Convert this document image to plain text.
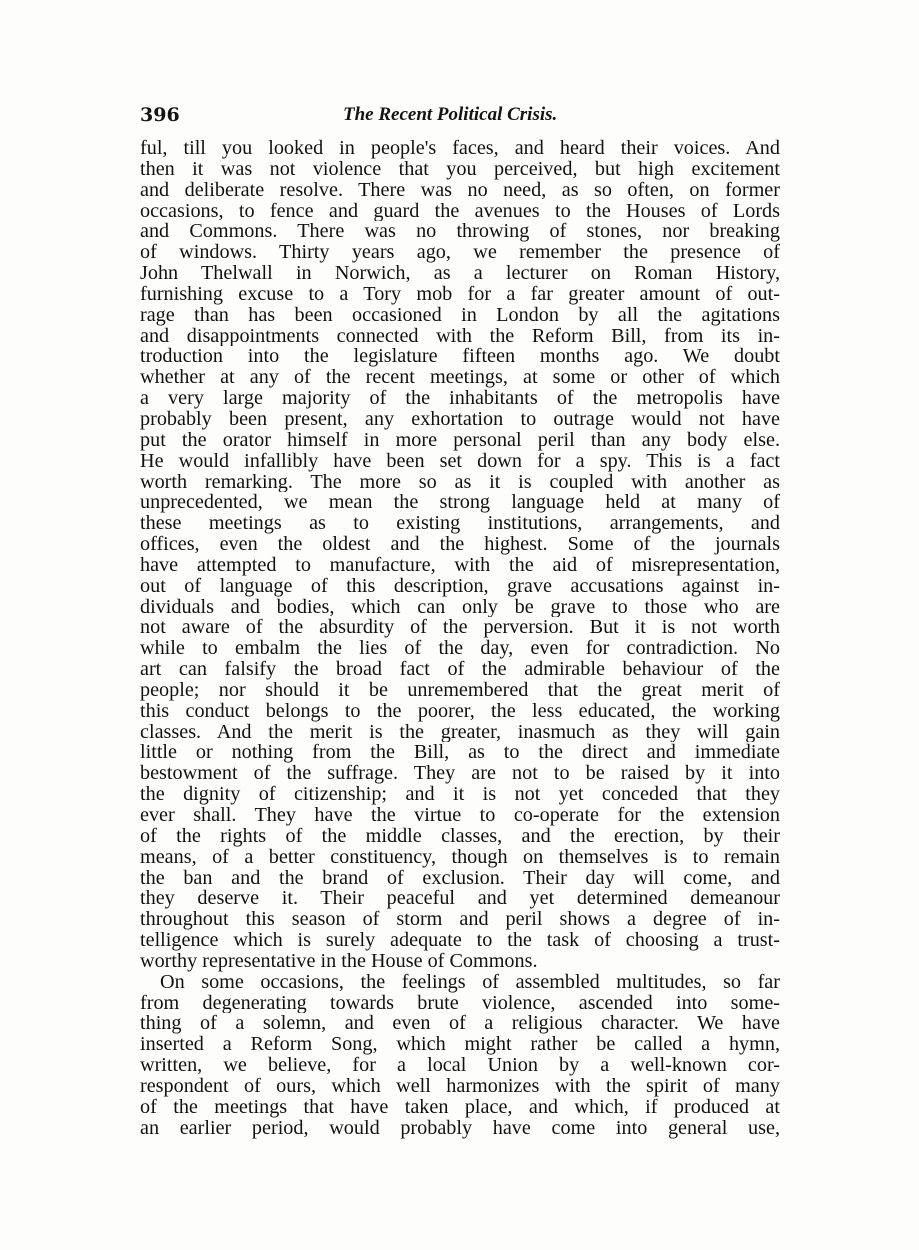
396	The Recent Political Crisis.
ful, till you looked in people's faces, and heard their voices. And
then it was not violence that you perceived, but high excitement
and deliberate resolve. There was no need, as so often, on former
occasions, to fence and guard the avenues to the Houses of Lords
and Commons. There was no throwing of stones, nor breaking
of windows. Thirty years ago, we remember the presence of
John Thelwall in Norwich, as a lecturer on Roman History,
furnishing excuse to a Tory mob for a far greater amount of out-
rage than has been occasioned in London by all the agitations
and disappointments connected with the Reform Bill, from its in-
troduction into the legislature fifteen months ago. We doubt
whether at any of the recent meetings, at some or other of which
a very large majority of the inhabitants of the metropolis have
probably been present, any exhortation to outrage would not have
put the orator himself in more personal peril than any body else.
He would infallibly have been set down for a spy. This is a fact
worth remarking. The more so as it is coupled with another as
unprecedented, we mean the strong language held at many of
these meetings as to existing institutions, arrangements, and
offices, even the oldest and the highest. Some of the journals
have attempted to manufacture, with the aid of misrepresentation,
out of language of this description, grave accusations against in-
dividuals and bodies, which can only be grave to those who are
not aware of the absurdity of the perversion. But it is not worth
while to embalm the lies of the day, even for contradiction. No
art can falsify the broad fact of the admirable behaviour of the
people; nor should it be unremembered that the great merit of
this conduct belongs to the poorer, the less educated, the working
classes. And the merit is the greater, inasmuch as they will gain
little or nothing from the Bill, as to the direct and immediate
bestowment of the suffrage. They are not to be raised by it into
the dignity of citizenship; and it is not yet conceded that they
ever shall. They have the virtue to co-operate for the extension
of the rights of the middle classes, and the erection, by their
means, of a better constituency, though on themselves is to remain
the ban and the brand of exclusion. Their day will come, and
they deserve it. Their peaceful and yet determined demeanour
throughout this season of storm and peril shows a degree of in-
telligence which is surely adequate to the task of choosing a trust-
worthy representative in the House of Commons.
On some occasions, the feelings of assembled multitudes, so far
from degenerating towards brute violence, ascended into some-
thing of a solemn, and even of a religious character. We have
inserted a Reform Song, which might rather be called a hymn,
written, we believe, for a local Union by a well-known cor-
respondent of ours, which well harmonizes with the spirit of many
of the meetings that have taken place, and which, if produced at
an earlier period, would probably have come into general use,
